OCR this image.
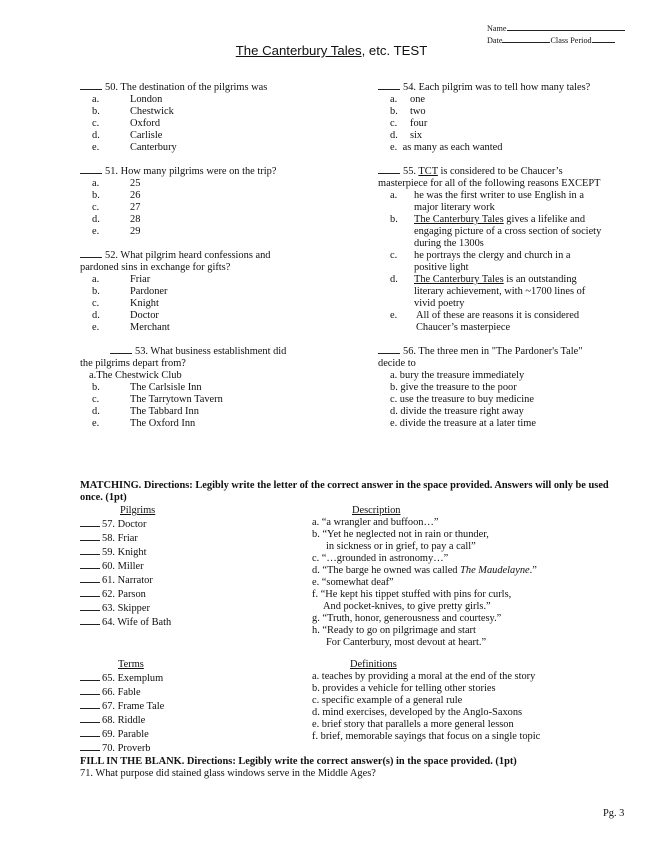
Name
Date	Class Period
The Canterbury Tales, etc. TEST
50. The destination of the pilgrims was
a.	London
b.	Chestwick
c.	Oxford
d.	Carlisle
e.	Canterbury
51. How many pilgrims were on the trip?
a.	25
b.	26
c.	27
d.	28
e.	29
52. What pilgrim heard confessions and
pardoned sins in exchange for gifts?
a.	Friar
b.	Pardoner
c.	Knight
d.	Doctor
e.	Merchant
53. What business establishment did
the pilgrims depart from?
a.The Chestwick Club
b.	The Carlsisle Inn
c.	The Tarrytown Tavern
d.	The Tabbard Inn
e.	The Oxford Inn
54. Each pilgrim was to tell how many tales?
a. one
b. two
c. four
d. six
e. as many as each wanted
55. TCT is considered to be Chaucer’s
masterpiece for all of the following reasons EXCEPT
a. he was the first writer to use English in a
major literary work
b. The Canterbury Tales gives a lifelike and
engaging picture of a cross section of society
during the 1300s
c. he portrays the clergy and church in a
positive light
d. The Canterbury Tales is an outstanding
literary achievement, with ~1700 lines of
vivid poetry
e. All of these are reasons it is considered
Chaucer’s masterpiece
56. The three men in "The Pardoner's Tale"
decide to
a. bury the treasure immediately
b. give the treasure to the poor
c. use the treasure to buy medicine
d. divide the treasure right away
e. divide the treasure at a later time
MATCHING. Directions: Legibly write the letter of the correct answer in the space provided. Answers will only be used once. (1pt)
Pilgrims
57. Doctor
58. Friar
59. Knight
60. Miller
61. Narrator
62. Parson
63. Skipper
64. Wife of Bath
Description
a. “a wrangler and buffoon…”
b. “Yet he neglected not in rain or thunder,
in sickness or in grief, to pay a call”
c. “…grounded in astronomy…”
d. “The barge he owned was called The Maudelayne.”
e. “somewhat deaf”
f. “He kept his tippet stuffed with pins for curls,
And pocket-knives, to give pretty girls.”
g. “Truth, honor, generousness and courtesy.”
h. “Ready to go on pilgrimage and start
For Canterbury, most devout at heart.”
Terms
65. Exemplum
66. Fable
67. Frame Tale
68. Riddle
69. Parable
70. Proverb
Definitions
a. teaches by providing a moral at the end of the story
b. provides a vehicle for telling other stories
c. specific example of a general rule
d. mind exercises, developed by the Anglo-Saxons
e. brief story that parallels a more general lesson
f. brief, memorable sayings that focus on a single topic
FILL IN THE BLANK. Directions: Legibly write the correct answer(s) in the space provided. (1pt)
71. What purpose did stained glass windows serve in the Middle Ages?
Pg. 3
